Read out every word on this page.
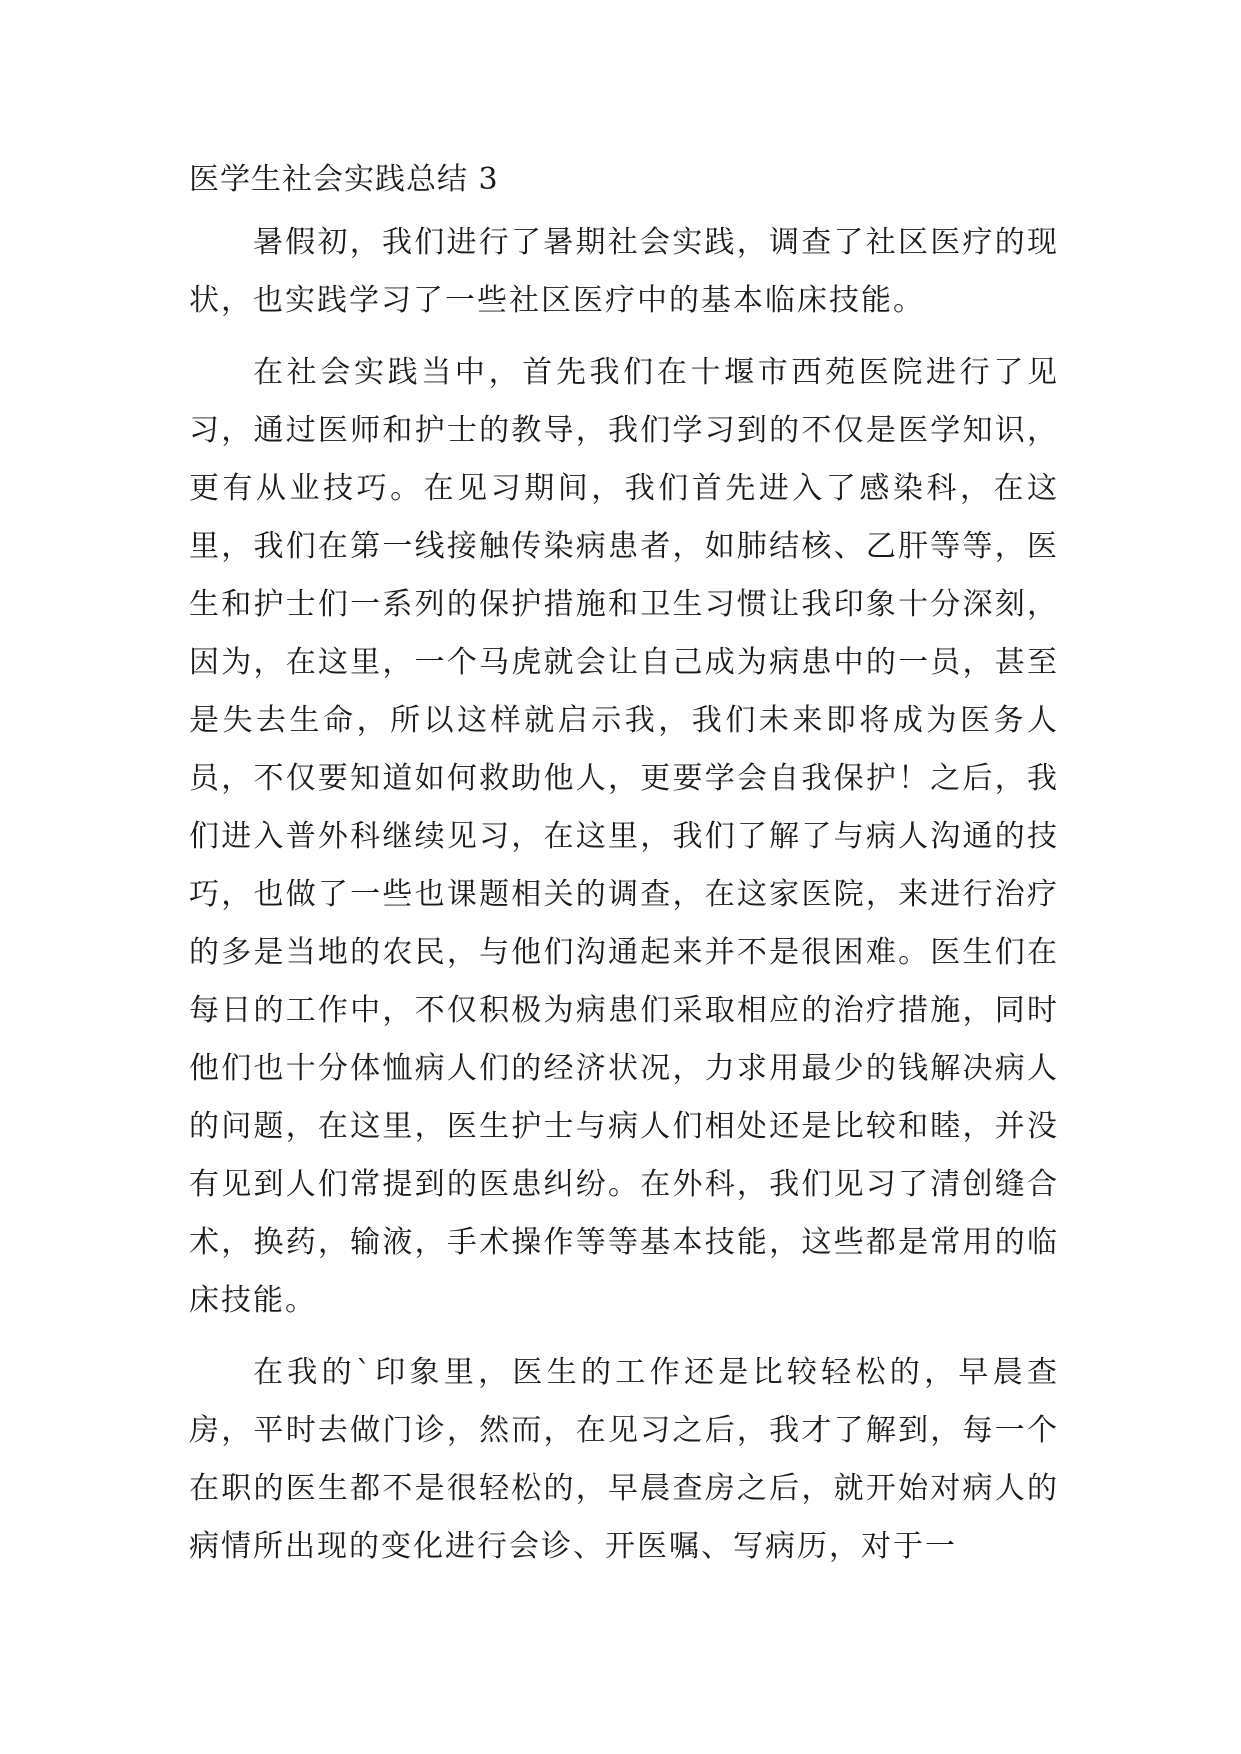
医学生社会实践总结 3

暑假初，我们进行了暑期社会实践，调查了社区医疗的现状，也实践学习了一些社区医疗中的基本临床技能。

在社会实践当中，首先我们在十堰市西苑医院进行了见习，通过医师和护士的教导，我们学习到的不仅是医学知识，更有从业技巧。在见习期间，我们首先进入了感染科，在这里，我们在第一线接触传染病患者，如肺结核、乙肝等等，医生和护士们一系列的保护措施和卫生习惯让我印象十分深刻，因为，在这里，一个马虎就会让自己成为病患中的一员，甚至是失去生命，所以这样就启示我，我们未来即将成为医务人员，不仅要知道如何救助他人，更要学会自我保护！之后，我们进入普外科继续见习，在这里，我们了解了与病人沟通的技巧，也做了一些也课题相关的调查，在这家医院，来进行治疗的多是当地的农民，与他们沟通起来并不是很困难。医生们在每日的工作中，不仅积极为病患们采取相应的治疗措施，同时他们也十分体恤病人们的经济状况，力求用最少的钱解决病人的问题，在这里，医生护士与病人们相处还是比较和睦，并没有见到人们常提到的医患纠纷。在外科，我们见习了清创缝合术，换药，输液，手术操作等等基本技能，这些都是常用的临床技能。

在我的`印象里，医生的工作还是比较轻松的，早晨查房，平时去做门诊，然而，在见习之后，我才了解到，每一个在职的医生都不是很轻松的，早晨查房之后，就开始对病人的病情所出现的变化进行会诊、开医嘱、写病历，对于一
